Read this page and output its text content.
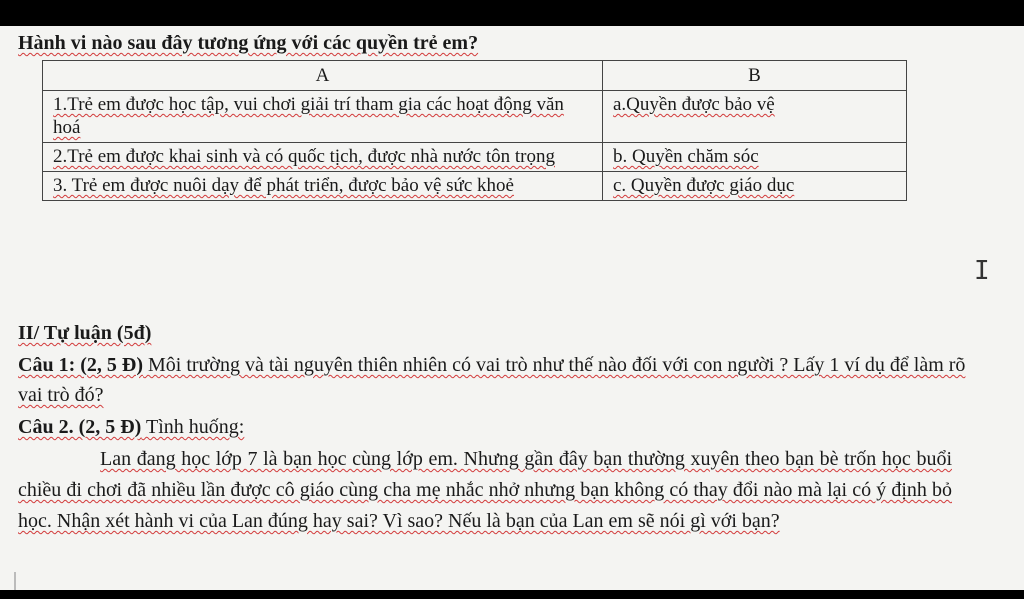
Hành vi nào sau đây tương ứng với các quyền trẻ em?
A	B
1.Trẻ em được học tập, vui chơi giải trí tham gia các hoạt động văn hoá	a.Quyền được bảo vệ
2.Trẻ em được khai sinh và có quốc tịch, được nhà nước tôn trọng	b. Quyền chăm sóc
3. Trẻ em được nuôi dạy để phát triển, được bảo vệ sức khoẻ	c. Quyền được giáo dục
I
II/ Tự luận (5đ)
Câu 1: (2, 5 Đ) Môi trường và tài nguyên thiên nhiên có vai trò như thế nào đối với con người ? Lấy 1 ví dụ để làm rõ vai trò đó?
Câu 2. (2, 5 Đ) Tình huống:
Lan đang học lớp 7 là bạn học cùng lớp em. Nhưng gần đây bạn thường xuyên theo bạn bè trốn học buổi chiều đi chơi đã nhiều lần được cô giáo cùng cha mẹ nhắc nhở nhưng bạn không có thay đổi nào mà lại có ý định bỏ học. Nhận xét hành vi của Lan đúng hay sai? Vì sao? Nếu là bạn của Lan em sẽ nói gì với bạn?
